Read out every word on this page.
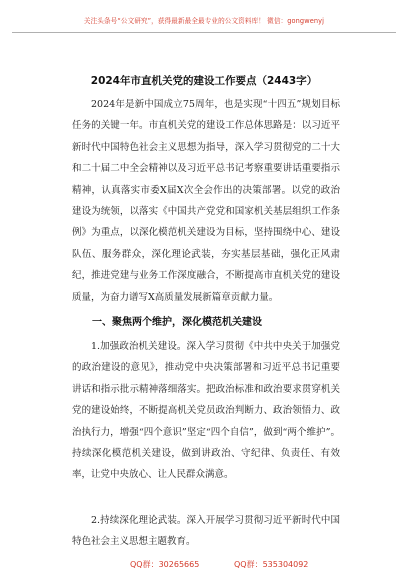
关注头条号“公文研究”，获得最新最全最专业的公文资料库！ 微信：gongwenyj
2024年市直机关党的建设工作要点（2443字）

2024年是新中国成立75周年，也是实现“十四五”规划目标任务的关键一年。市直机关党的建设工作总体思路是：以习近平新时代中国特色社会主义思想为指导，深入学习贯彻党的二十大和二十届二中全会精神以及习近平总书记考察重要讲话重要指示精神，认真落实市委X届X次全会作出的决策部署。以党的政治建设为统领，以落实《中国共产党党和国家机关基层组织工作条例》为重点，以深化模范机关建设为目标，坚持围绕中心、建设队伍、服务群众，深化理论武装，夯实基层基础，强化正风肃纪，推进党建与业务工作深度融合，不断提高市直机关党的建设质量，为奋力谱写X高质量发展新篇章贡献力量。

一、聚焦两个维护，深化模范机关建设

1.加强政治机关建设。深入学习贯彻《中共中央关于加强党的政治建设的意见》，推动党中央决策部署和习近平总书记重要讲话和指示批示精神落细落实。把政治标准和政治要求贯穿机关党的建设始终，不断提高机关党员政治判断力、政治领悟力、政治执行力，增强“四个意识”坚定“四个自信”，做到“两个维护”。持续深化模范机关建设，做到讲政治、守纪律、负责任、有效率，让党中央放心、让人民群众满意。

2.持续深化理论武装。深入开展学习贯彻习近平新时代中国特色社会主义思想主题教育。

QQ群：30265665	QQ群：535304092
